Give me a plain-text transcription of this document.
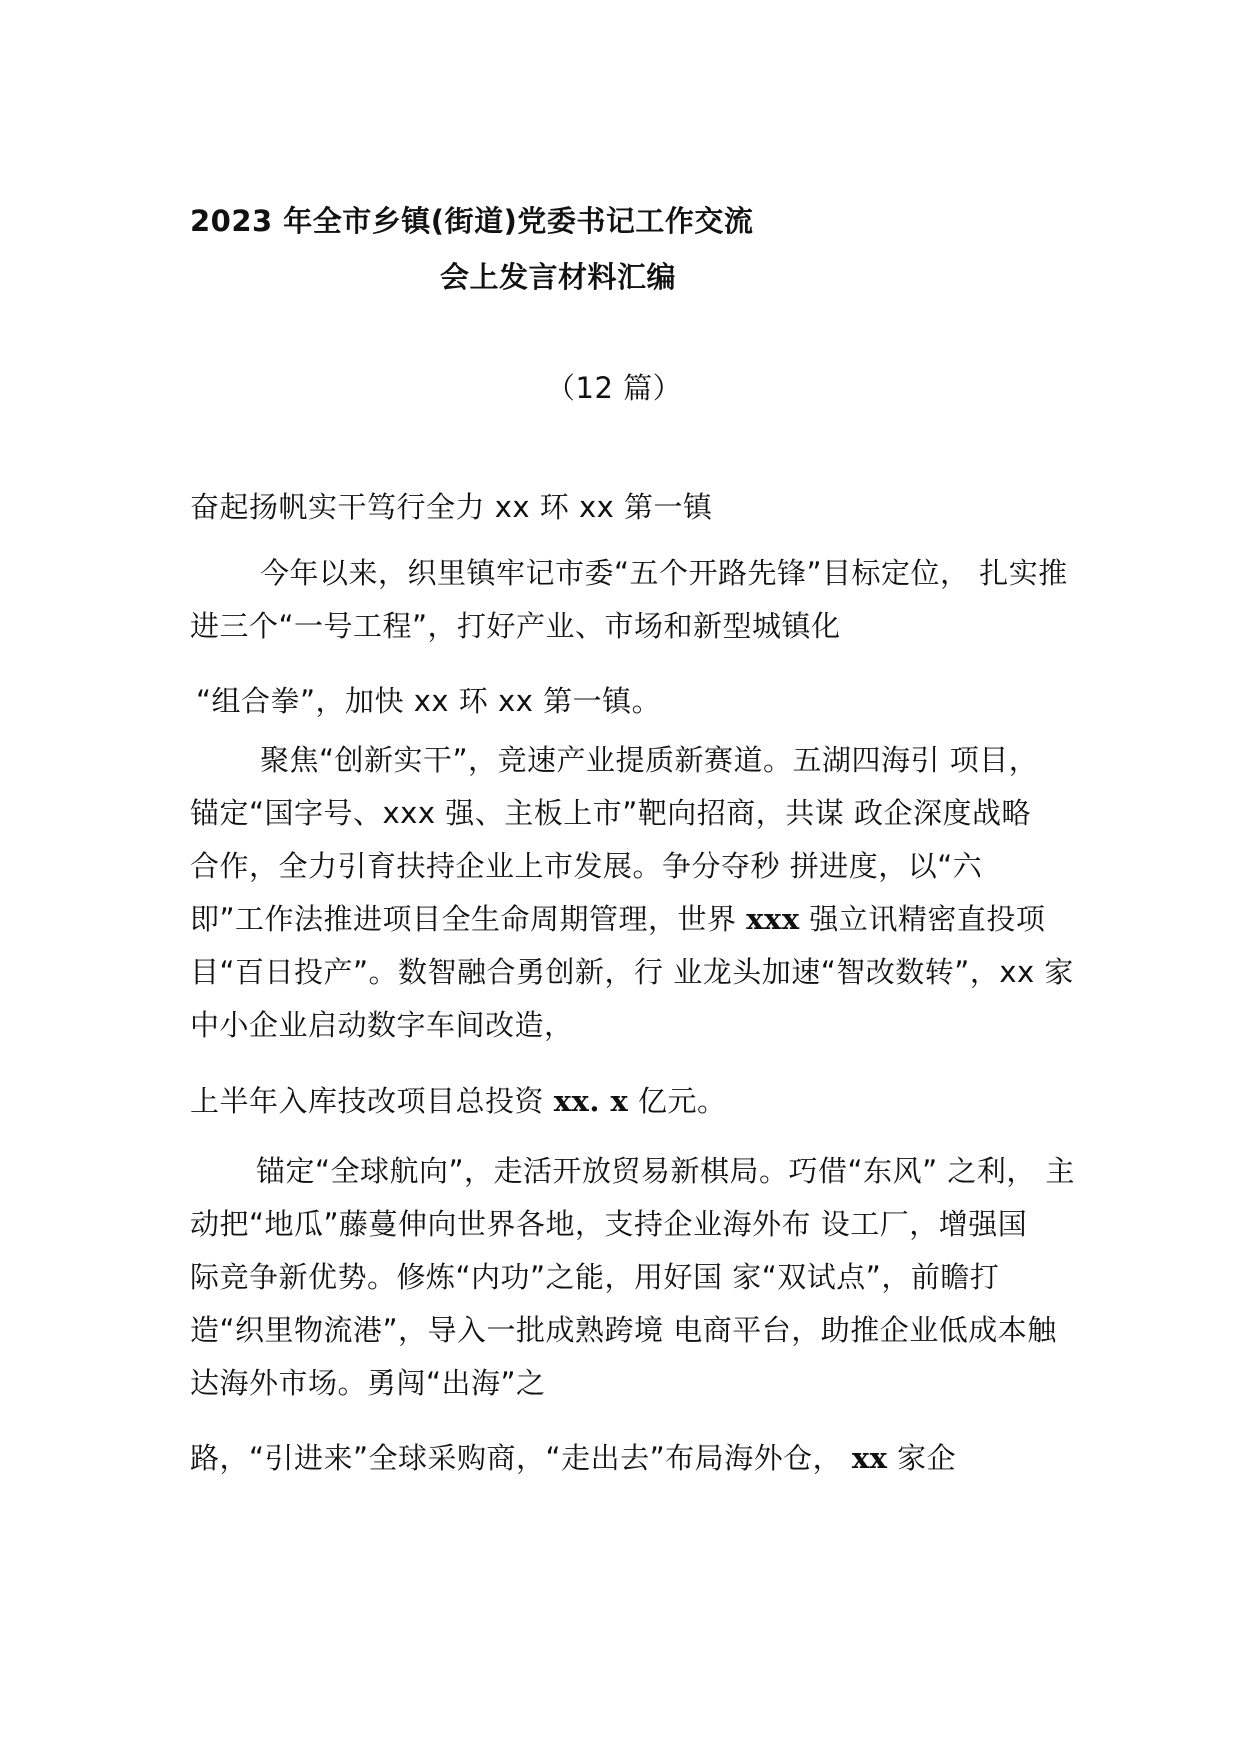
2023 年全市乡镇(街道)党委书记工作交流
会上发言材料汇编
（12 篇）
奋起扬帆实干笃行全力 xx 环 xx 第一镇
今年以来，织里镇牢记市委“五个开路先锋”目标定位， 扎实推
进三个“一号工程”，打好产业、市场和新型城镇化
“组合拳”，加快 xx 环 xx 第一镇。
聚焦“创新实干”，竞速产业提质新赛道。五湖四海引 项目，
锚定“国字号、xxx 强、主板上市”靶向招商，共谋 政企深度战略
合作，全力引育扶持企业上市发展。争分夺秒 拼进度，以“六
即”工作法推进项目全生命周期管理，世界 xxx 强立讯精密直投项
目“百日投产”。数智融合勇创新，行 业龙头加速“智改数转”，xx 家
中小企业启动数字车间改造，
上半年入库技改项目总投资 xx. x 亿元。
锚定“全球航向”，走活开放贸易新棋局。巧借“东风” 之利， 主
动把“地瓜”藤蔓伸向世界各地，支持企业海外布 设工厂，增强国
际竞争新优势。修炼“内功”之能，用好国 家“双试点”，前瞻打
造“织里物流港”，导入一批成熟跨境 电商平台，助推企业低成本触
达海外市场。勇闯“出海”之
路，“引进来”全球采购商，“走出去”布局海外仓， xx 家企
